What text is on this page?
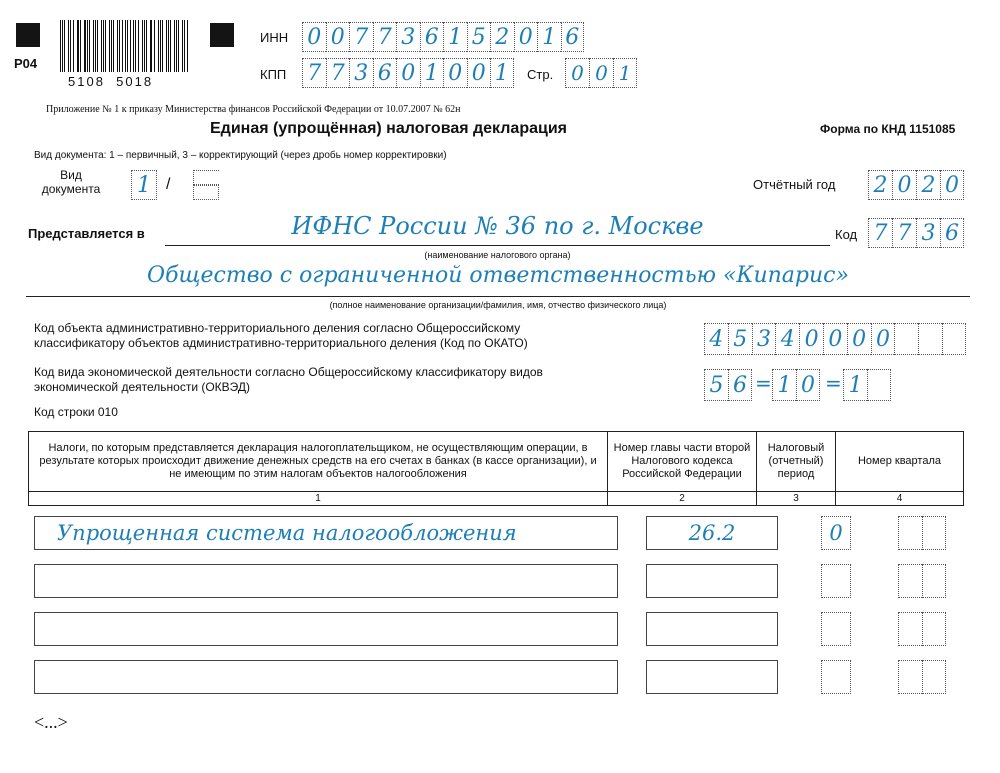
P04
5108  5018
ИНН 0 0 7 7 3 6 1 5 2 0 1 6
КПП 7 7 3 6 0 1 0 0 1	Стр. 0 0 1
Приложение № 1 к приказу Министерства финансов Российской Федерации от 10.07.2007 № 62н
Единая (упрощённая) налоговая декларация	Форма по КНД 1151085
Вид документа: 1 – первичный, 3 – корректирующий (через дробь номер корректировки)
Вид
документа	1 /	Отчётный год 2 0 2 0
Представляется в	ИФНС России № 36 по г. Москве
(наименование налогового органа)
Код 7 7 3 6
Общество с ограниченной ответственностью «Кипарис»
(полное наименование организации/фамилия, имя, отчество физического лица)
Код объекта административно-территориального деления согласно Общероссийскому
классификатору объектов административно-территориального деления (Код по ОКАТО)	4 5 3 4 0 0 0 0
Код вида экономической деятельности согласно Общероссийскому классификатору видов
экономической деятельности (ОКВЭД)	5 6 = 1 0 = 1
Код строки 010
Налоги, по которым представляется декларация налогоплательщиком, не осуществляющим операции, в результате которых происходит движение денежных средств на его счетах в банках (в кассе организации), и не имеющим по этим налогам объектов налогообложения	Номер главы части второй Налогового кодекса Российской Федерации	Налоговый (отчетный) период	Номер квартала
1	2	3	4
Упрощенная система налогообложения	26.2	0
<...>
